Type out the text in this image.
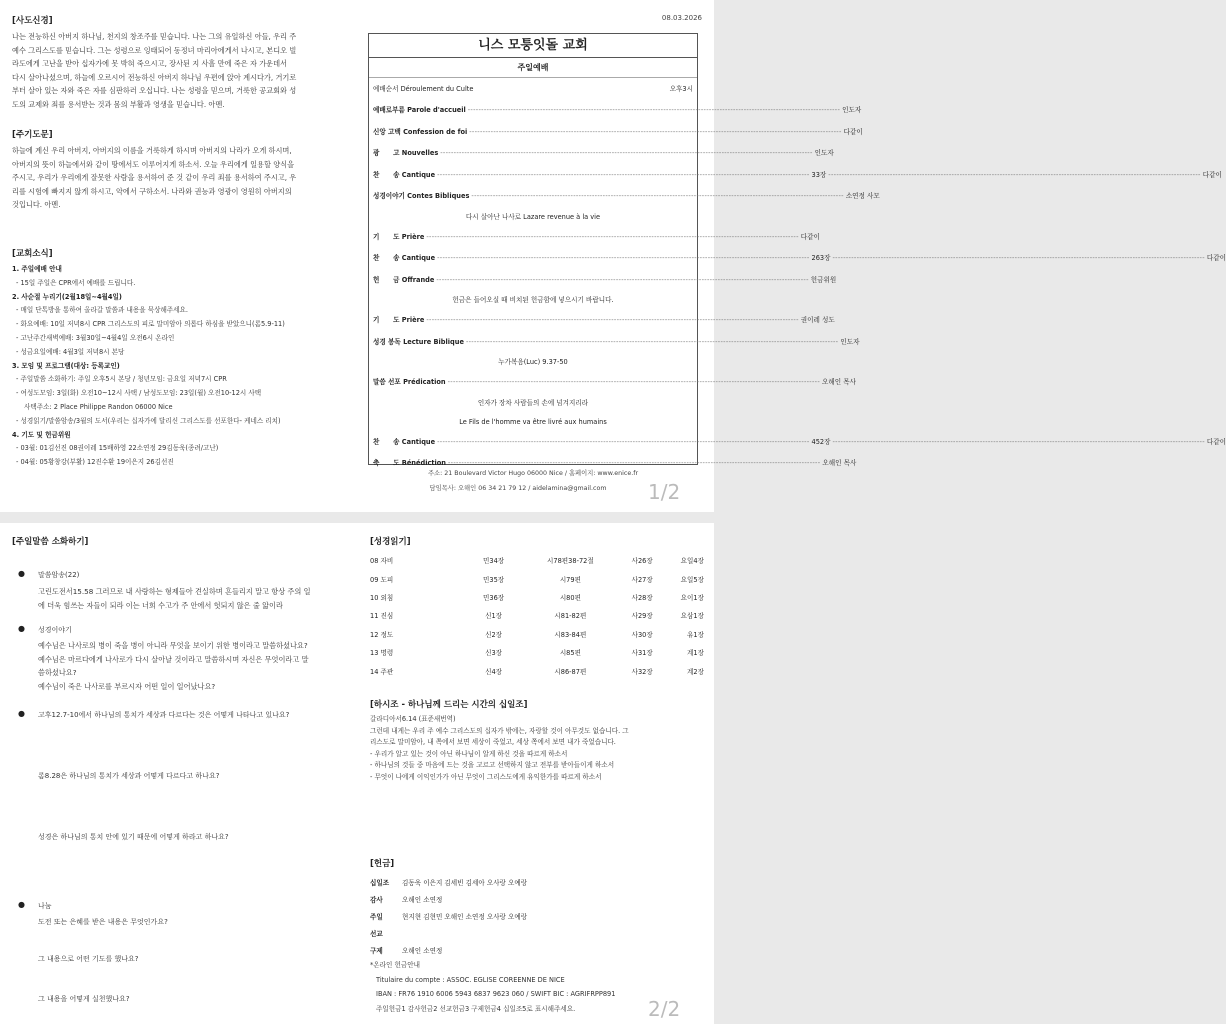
08.03.2026
[사도신경]
나는 전능하신 아버지 하나님, 천지의 창조주를 믿습니다. 나는 그의 유일하신 아들, 우리 주
예수 그리스도를 믿습니다. 그는 성령으로 잉태되어 동정녀 마리아에게서 나시고, 본디오 빌
라도에게 고난을 받아 십자가에 못 박혀 죽으시고, 장사된 지 사흘 만에 죽은 자 가운데서
다시 살아나셨으며, 하늘에 오르시어 전능하신 아버지 하나님 우편에 앉아 계시다가, 거기로
부터 살아 있는 자와 죽은 자를 심판하러 오십니다. 나는 성령을 믿으며, 거룩한 공교회와 성
도의 교제와 죄를 용서받는 것과 몸의 부활과 영생을 믿습니다. 아멘.
[주기도문]
하늘에 계신 우리 아버지, 아버지의 이름을 거룩하게 하시며 아버지의 나라가 오게 하시며,
아버지의 뜻이 하늘에서와 같이 땅에서도 이루어지게 하소서. 오늘 우리에게 일용할 양식을
주시고, 우리가 우리에게 잘못한 사람을 용서하여 준 것 같이 우리 죄를 용서하여 주시고, 우
리를 시험에 빠지지 않게 하시고, 악에서 구하소서. 나라와 권능과 영광이 영원히 아버지의
것입니다. 아멘.
[교회소식]
1. 주일예배 안내
- 15일 주일은 CPR에서 예배를 드립니다.
2. 사순절 누리기(2월18일~4월4일)
- 매일 단톡방을 통하여 올라갈 말씀과 내용을 묵상해주세요.
- 화요예배: 10일 저녁8시 CPR 그리스도의 피로 말미암아 의롭다 하심을 받았으니(롬5.9-11)
- 고난주간새벽예배: 3월30일~4월4일 오전6시 온라인
- 성금요일예배: 4월3일 저녁8시 본당
3. 모임 및 프로그램(대상: 등록교인)
- 주일말씀 소화하기: 주일 오후5시 본당 / 청년모임: 금요일 저녁7시 CPR
- 여성도모임: 3일(화) 오전10~12시 사택 / 남성도모임: 23일(월) 오전10-12시 사택
사택주소: 2 Place Philippe Randon 06000 Nice
- 성경읽기/말씀암송/3월의 도서(우리는 십자가에 달리신 그리스도를 선포한다- 케네스 리치)
4. 기도 및 헌금위원
- 03월: 01김선진 08권이레 15배하영 22소연정 29김동욱(종려/고난)
- 04월: 05황창강(부활) 12진수환 19이은지 26김선진
니스 모퉁잇돌 교회
주일예배
예배순서 Déroulement du Culte	오후3시
예배로부름 Parole d'accueil ------------------------------------------------------------------------------------------------------------------------------------------- 인도자
신앙 고백 Confession de foi ------------------------------------------------------------------------------------------------------------------------------------------- 다같이
광      고 Nouvelles ------------------------------------------------------------------------------------------------------------------------------------------- 인도자
찬      송 Cantique ------------------------------------------------------------------------------------------------------------------------------------------- 33장 ------------------------------------------------------------------------------------------------------------------------------------------- 다같이
성경이야기 Contes Bibliques ------------------------------------------------------------------------------------------------------------------------------------------- 소연정 사모
다시 살아난 나사로 Lazare revenue à la vie
기      도 Prière ------------------------------------------------------------------------------------------------------------------------------------------- 다같이
찬      송 Cantique ------------------------------------------------------------------------------------------------------------------------------------------- 263장 ------------------------------------------------------------------------------------------------------------------------------------------- 다같이
헌      금 Offrande ------------------------------------------------------------------------------------------------------------------------------------------- 헌금위원
헌금은 들어오실 때 비치된 헌금함에 넣으시기 바랍니다.
기      도 Prière ------------------------------------------------------------------------------------------------------------------------------------------- 권이레 성도
성경 봉독 Lecture Biblique ------------------------------------------------------------------------------------------------------------------------------------------- 인도자
누가복음(Luc) 9.37-50
말씀 선포 Prédication ------------------------------------------------------------------------------------------------------------------------------------------- 오해인 목사
인자가 장차 사람들의 손에 넘겨지리라
Le Fils de l'homme va être livré aux humains
찬      송 Cantique ------------------------------------------------------------------------------------------------------------------------------------------- 452장 ------------------------------------------------------------------------------------------------------------------------------------------- 다같이
축      도 Bénédiction ------------------------------------------------------------------------------------------------------------------------------------------- 오해인 목사
주소: 21 Boulevard Victor Hugo 06000 Nice / 홈페이지: www.enice.fr
담임목사: 오해인 06 34 21 79 12 / aidelamina@gmail.com	1/2
[주일말씀 소화하기]
● 말씀암송(22)
고린도전서15.58 그러므로 내 사랑하는 형제들아 견실하며 흔들리지 말고 항상 주의 일
에 더욱 힘쓰는 자들이 되라 이는 너희 수고가 주 안에서 헛되지 않은 줄 앎이라
● 성경이야기
예수님은 나사로의 병이 죽을 병이 아니라 무엇을 보이기 위한 병이라고 말씀하셨나요?
예수님은 마르다에게 나사로가 다시 살아날 것이라고 말씀하시며 자신은 무엇이라고 말
씀하셨나요?
예수님이 죽은 나사로를 부르시자 어떤 일이 일어났나요?
● 고후12.7-10에서 하나님의 통치가 세상과 다르다는 것은 어떻게 나타나고 있나요?
롬8.28은 하나님의 통치가 세상과 어떻게 다르다고 하나요?
성경은 하나님의 통치 안에 있기 때문에 어떻게 하라고 하나요?
● 나눔
도전 또는 은혜를 받은 내용은 무엇인가요?
그 내용으로 어떤 기도를 했나요?
그 내용을 어떻게 실천했나요?
[성경읽기]
08 자비	민34장	시78편38-72절	사26장	요일4장
09 도피	민35장	시79편	사27장	요일5장
10 외침	민36장	시80편	사28장	요이1장
11 진심	신1장	시81-82편	사29장	요삼1장
12 정도	신2장	시83-84편	사30장	유1장
13 명령	신3장	시85편	사31장	계1장
14 주관	신4장	시86-87편	사32장	계2장
[하시조 - 하나님께 드리는 시간의 십일조]
갈라디아서6.14 (표준새번역)
그런데 내게는 우리 주 예수 그리스도의 십자가 밖에는, 자랑할 것이 아무것도 없습니다. 그
리스도로 말미암아, 내 쪽에서 보면 세상이 죽었고, 세상 쪽에서 보면 내가 죽었습니다.
- 우리가 알고 있는 것이 아닌 하나님이 알게 하신 것을 따르게 하소서
- 하나님의 것들 중 마음에 드는 것을 고르고 선택하지 않고 전부를 받아들이게 하소서
- 무엇이 나에게 이익인가가 아닌 무엇이 그리스도에게 유익한가를 따르게 하소서
[헌금]
십일조	김동욱 이은지 김세빈 김세아 오사랑 오예랑
감사	오해인 소연정
주일	현지현 김현민 오해인 소연정 오사랑 오예랑
선교
구제	오해인 소연정
*온라인 헌금안내
Titulaire du compte : ASSOC. EGLISE COREENNE DE NICE
IBAN : FR76 1910 6006 5943 6837 9623 060 / SWIFT BIC : AGRIFRPP891
주일헌금1 감사헌금2 선교헌금3 구제헌금4 십일조5로 표시해주세요.	2/2
